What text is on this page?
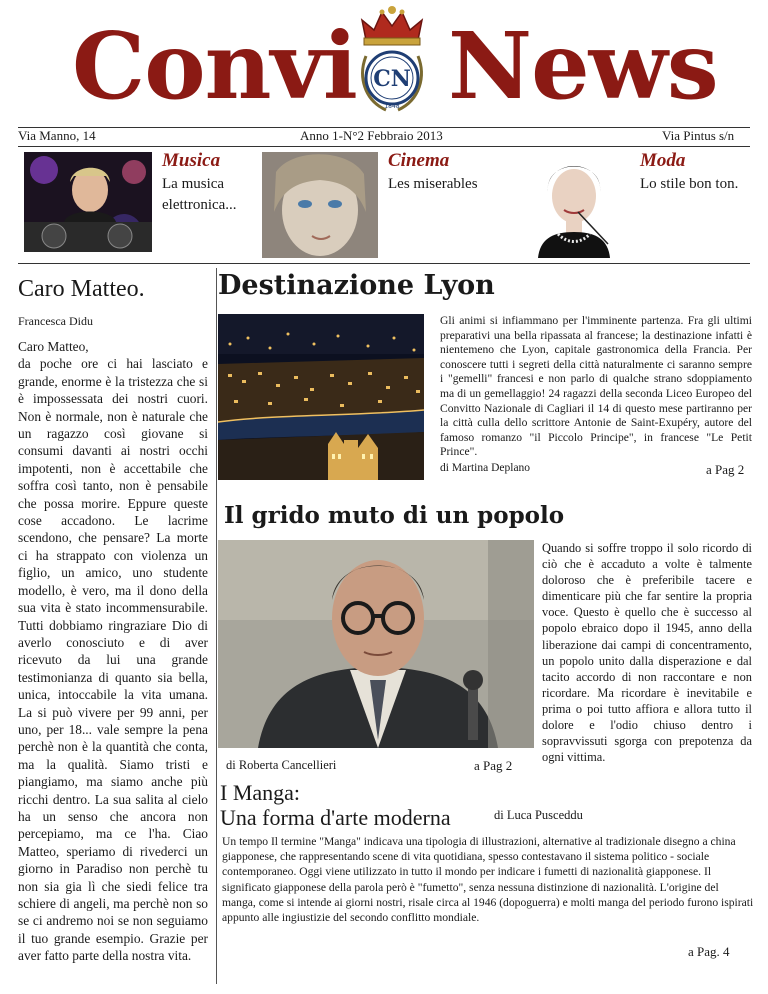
Convi CN
1848 News
Via Manno, 14	Anno 1-N°2 Febbraio 2013	Via Pintus s/n
Musica
La musica elettronica...
Cinema
Les miserables
Moda
Lo stile bon ton.
Caro Matteo.
Francesca Didu

Caro Matteo,

da poche ore ci hai lasciato e grande, enorme è la tristezza che si è impossessata dei nostri cuori. Non è normale, non è naturale che un ragazzo così giovane si consumi davanti ai nostri occhi impotenti, non è accettabile che soffra così tanto, non è pensabile che possa morire. Eppure queste cose accadono. Le lacrime scendono, che pensare? La morte ci ha strappato con violenza un figlio, un amico, uno studente modello, è vero, ma il dono della sua vita è stato incommensurabile. Tutti dobbiamo ringraziare Dio di averlo conosciuto e di aver ricevuto da lui una grande testimonianza di quanto sia bella, unica, intoccabile la vita umana. La si può vivere per 99 anni, per uno, per 18... vale sempre la pena perchè non è la quantità che conta, ma la qualità. Siamo tristi e piangiamo, ma siamo anche più ricchi dentro. La sua salita al cielo ha un senso che ancora non percepiamo, ma ce l'ha. Ciao Matteo, speriamo di rivederci un giorno in Paradiso non perchè tu non sia gia lì che siedi felice tra schiere di angeli, ma perchè non so se ci andremo noi se non seguiamo il tuo grande esempio. Grazie per aver fatto parte della nostra vita.

Destinazione Lyon
Gli animi si infiammano per l'imminente partenza. Fra gli ultimi preparativi una bella ripassata al francese; la destinazione infatti è nientemeno che Lyon, capitale gastronomica della Francia. Per conoscere tutti i segreti della città naturalmente ci saranno sempre i "gemelli" francesi e non parlo di qualche strano sdoppiamento ma di un gemellaggio! 24 ragazzi della seconda Liceo Europeo del Convitto Nazionale di Cagliari il 14 di questo mese partiranno per la città culla dello scrittore Antonie de Saint-Exupéry, autore del famoso romanzo "il Piccolo Principe", in francese "Le Petit Prince".
di Martina Deplano	a Pag 2
Il grido muto di un popolo
Quando si soffre troppo il solo ricordo di ciò che è accaduto a volte è talmente doloroso che è preferibile tacere e dimenticare più che far sentire la propria voce. Questo è quello che è successo al popolo ebraico dopo il 1945, anno della liberazione dai campi di concentramento, un popolo unito dalla disperazione e dal tacito accordo di non raccontare e non ricordare. Ma ricordare è inevitabile e prima o poi tutto affiora e allora tutto il dolore e l'odio chiuso dentro i sopravvissuti sgorga con prepotenza da ogni vittima.
di Roberta Cancellieri	a Pag 2
I Manga:
Una forma d'arte moderna	di Luca Pusceddu
Un tempo Il termine "Manga" indicava una tipologia di illustrazioni, alternative al tradizionale disegno a china giapponese, che rappresentando scene di vita quotidiana, spesso contestavano il sistema politico - sociale contemporaneo. Oggi viene utilizzato in tutto il mondo per indicare i fumetti di nazionalità giapponese. Il significato giapponese della parola però è "fumetto", senza nessuna distinzione di nazionalità. L'origine del manga, come si intende ai giorni nostri, risale circa al 1946 (dopoguerra) e molti manga del periodo furono ispirati appunto alle ingiustizie del secondo conflitto mondiale.
a Pag. 4
